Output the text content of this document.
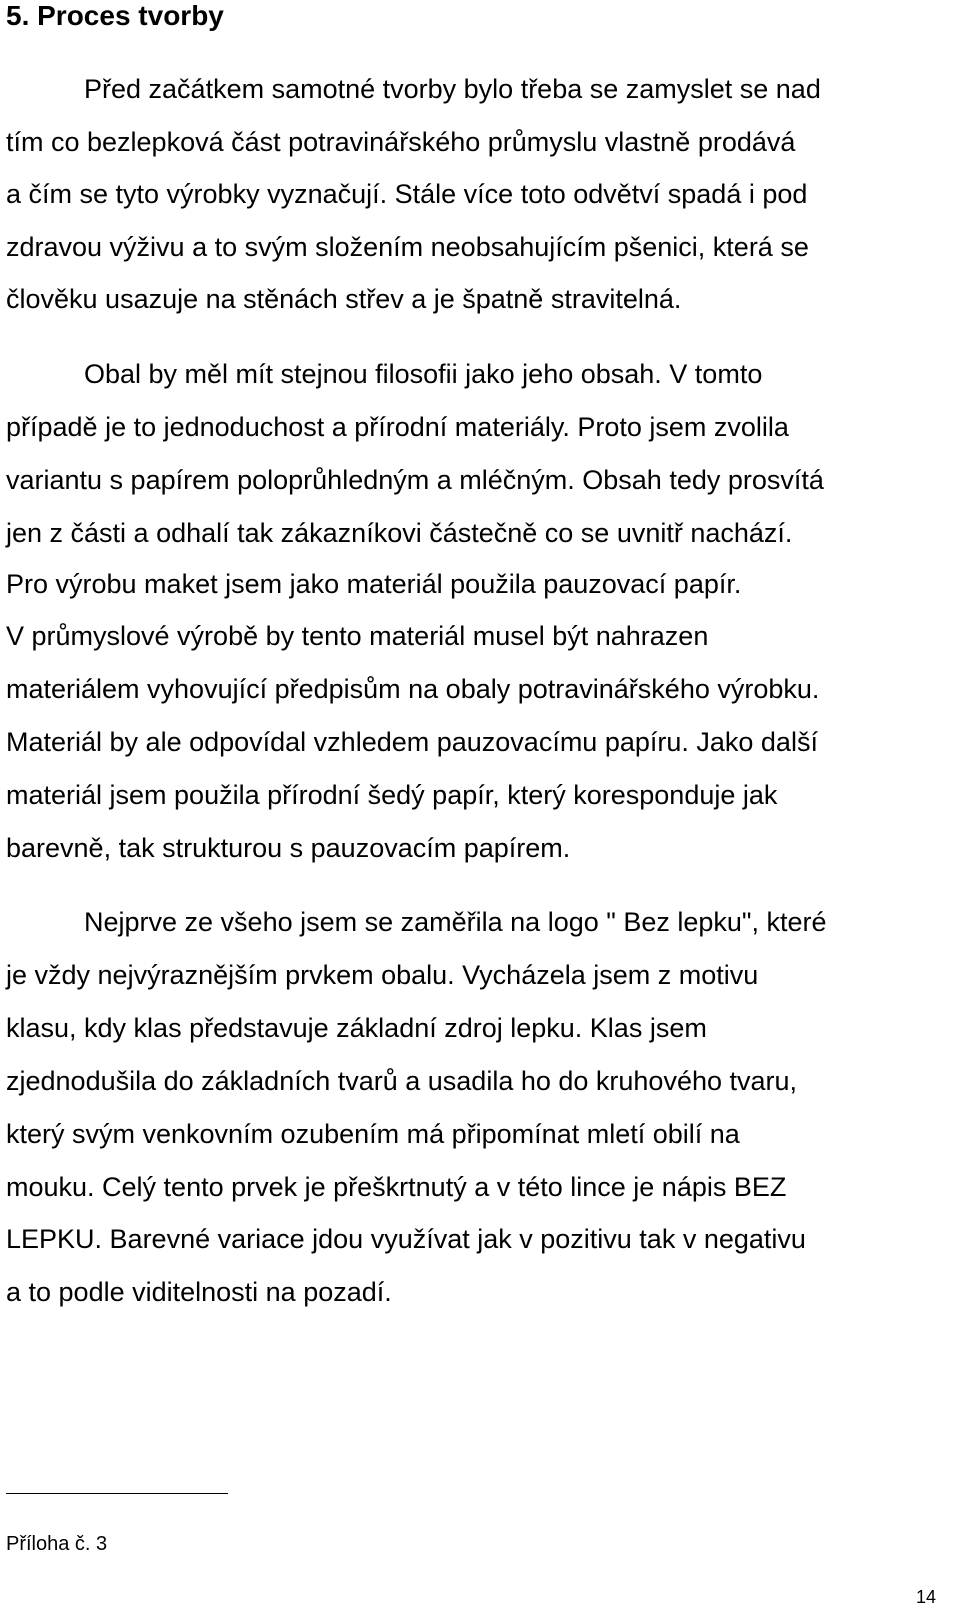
5. Proces tvorby

Před začátkem samotné tvorby bylo třeba se zamyslet se nad

tím co bezlepková část potravinářského průmyslu vlastně prodává

a čím se tyto výrobky vyznačují. Stále více toto odvětví spadá i pod

zdravou výživu a to svým složením neobsahujícím pšenici, která se

člověku usazuje na stěnách střev a je špatně stravitelná.

Obal by měl mít stejnou filosofii jako jeho obsah. V tomto

případě je to jednoduchost a přírodní materiály. Proto jsem zvolila

variantu s papírem poloprůhledným a mléčným. Obsah tedy prosvítá

jen z části a odhalí tak zákazníkovi částečně co se uvnitř nachází.

Pro výrobu maket jsem jako materiál použila pauzovací papír.

V průmyslové výrobě by tento materiál musel být nahrazen

materiálem vyhovující předpisům na obaly potravinářského výrobku.

Materiál by ale odpovídal vzhledem pauzovacímu papíru. Jako další

materiál jsem použila přírodní šedý papír, který koresponduje jak

barevně, tak strukturou s pauzovacím papírem.

Nejprve ze všeho jsem se zaměřila na logo " Bez lepku", které

je vždy nejvýraznějším prvkem obalu. Vycházela jsem z motivu

klasu, kdy klas představuje základní zdroj lepku. Klas jsem

zjednodušila do základních tvarů a usadila ho do kruhového tvaru,

který svým venkovním ozubením má připomínat mletí obilí na

mouku. Celý tento prvek je přeškrtnutý a v této lince je nápis BEZ

LEPKU. Barevné variace jdou využívat jak v pozitivu tak v negativu

a to podle viditelnosti na pozadí.

Příloha č. 3

14
